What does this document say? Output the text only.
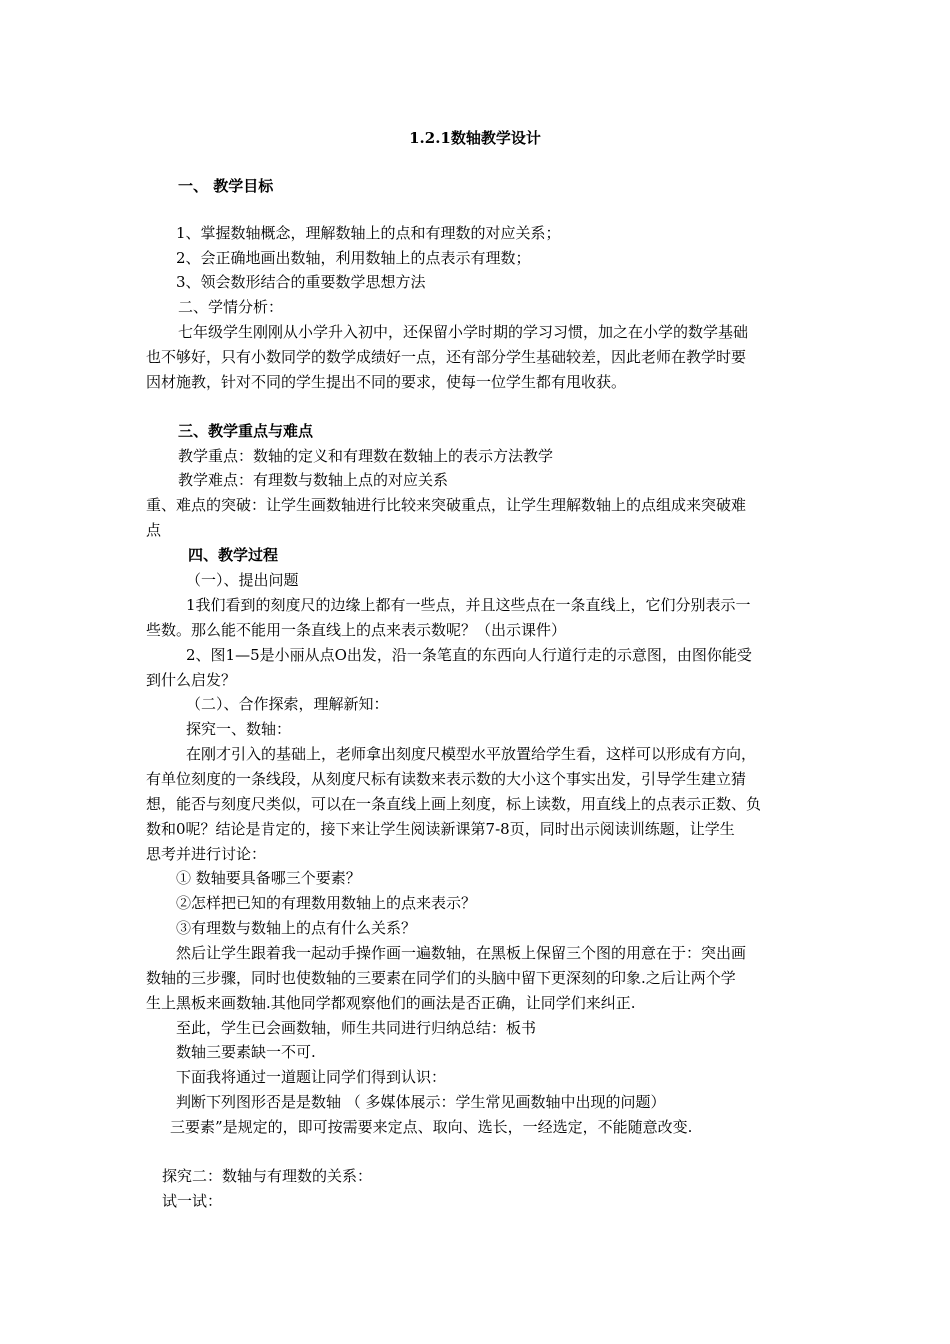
1.2.1数轴教学设计
一、 教学目标
1、掌握数轴概念，理解数轴上的点和有理数的对应关系；
2、会正确地画出数轴，利用数轴上的点表示有理数；
3、领会数形结合的重要数学思想方法
二、学情分析：
七年级学生刚刚从小学升入初中，还保留小学时期的学习习惯，加之在小学的数学基础
也不够好，只有小数同学的数学成绩好一点，还有部分学生基础较差，因此老师在教学时要
因材施教，针对不同的学生提出不同的要求，使每一位学生都有甩收获。
三、教学重点与难点
教学重点：数轴的定义和有理数在数轴上的表示方法教学
教学难点：有理数与数轴上点的对应关系
重、难点的突破：让学生画数轴进行比较来突破重点，让学生理解数轴上的点组成来突破难
点
四、教学过程
（一）、提出问题
1我们看到的刻度尺的边缘上都有一些点，并且这些点在一条直线上，它们分别表示一
些数。那么能不能用一条直线上的点来表示数呢？（出示课件）
2、图1—5是小丽从点O出发，沿一条笔直的东西向人行道行走的示意图，由图你能受
到什么启发？
（二）、合作探索，理解新知：
探究一、数轴：
在刚才引入的基础上，老师拿出刻度尺模型水平放置给学生看，这样可以形成有方向，
有单位刻度的一条线段，从刻度尺标有读数来表示数的大小这个事实出发，引导学生建立猜
想，能否与刻度尺类似，可以在一条直线上画上刻度，标上读数，用直线上的点表示正数、负
数和0呢？结论是肯定的，接下来让学生阅读新课第7-8页，同时出示阅读训练题，让学生
思考并进行讨论：
① 数轴要具备哪三个要素？
②怎样把已知的有理数用数轴上的点来表示？
③有理数与数轴上的点有什么关系？
然后让学生跟着我一起动手操作画一遍数轴，在黑板上保留三个图的用意在于：突出画
数轴的三步骤，同时也使数轴的三要素在同学们的头脑中留下更深刻的印象.之后让两个学
生上黑板来画数轴.其他同学都观察他们的画法是否正确，让同学们来纠正.
至此，学生已会画数轴，师生共同进行归纳总结：板书
数轴三要素缺一不可.
下面我将通过一道题让同学们得到认识：
判断下列图形否是是数轴 （ 多媒体展示：学生常见画数轴中出现的问题）
三要素”是规定的，即可按需要来定点、取向、选长，一经选定，不能随意改变.
探究二：数轴与有理数的关系：
试一试：
